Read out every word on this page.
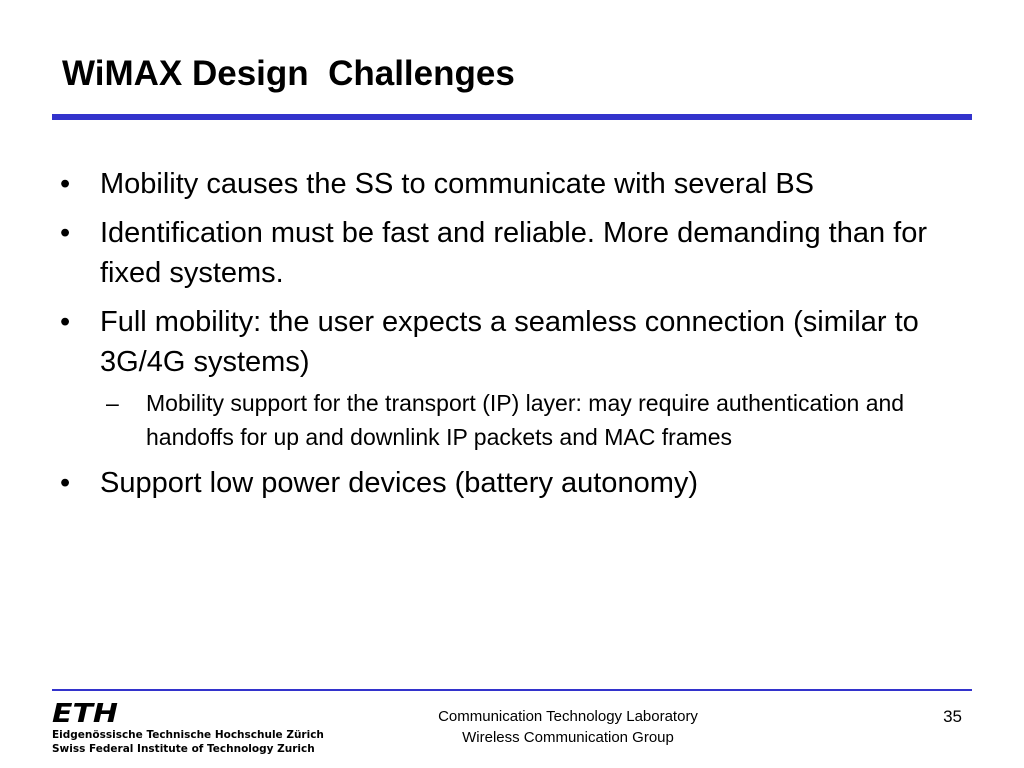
WiMAX Design  Challenges
•	Mobility causes the SS to communicate with several BS
•	Identification must be fast and reliable. More demanding than for fixed systems.
•	Full mobility: the user expects a seamless connection (similar to 3G/4G systems)
–	Mobility support for the transport (IP) layer: may require authentication and handoffs for up and downlink IP packets and MAC frames
•	Support low power devices (battery autonomy)
ETH
Eidgenössische Technische Hochschule Zürich
Swiss Federal Institute of Technology Zurich
Communication Technology Laboratory
Wireless Communication Group
35
